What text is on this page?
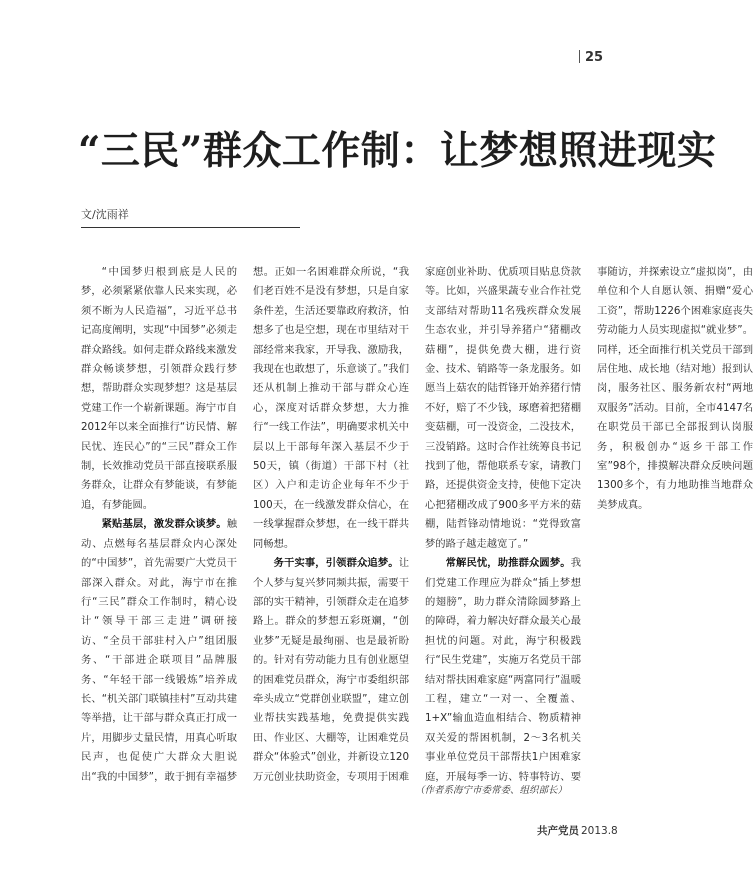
25
“三民”群众工作制：让梦想照进现实
文/沈雨祥

“中国梦归根到底是人民的梦，必须紧紧依靠人民来实现，必须不断为人民造福”，习近平总书记高度阐明，实现“中国梦”必须走群众路线。如何走群众路线来激发群众畅谈梦想，引领群众践行梦想，帮助群众实现梦想？这是基层党建工作一个崭新课题。海宁市自2012年以来全面推行“访民情、解民忧、连民心”的“三民”群众工作制，长效推动党员干部直接联系服务群众，让群众有梦能谈，有梦能追，有梦能圆。

紧贴基层，激发群众谈梦。触动、点燃每名基层群众内心深处的“中国梦”，首先需要广大党员干部深入群众。对此，海宁市在推行“三民”群众工作制时，精心设计“领导干部三走进”调研接访、“全员干部驻村入户”组团服务、“干部进企联项目”品牌服务、“年轻干部一线锻炼”培养成长、“机关部门联镇挂村”互动共建等举措，让干部与群众真正打成一片，用脚步丈量民情，用真心听取民声，也促使广大群众大胆说出“我的中国梦”，敢于拥有幸福梦想。正如一名困难群众所说，“我们老百姓不是没有梦想，只是自家条件差，生活还要靠政府救济，怕想多了也是空想，现在市里结对干部经常来我家，开导我、激励我，我现在也敢想了，乐意谈了。”我们还从机制上推动干部与群众心连心，深度对话群众梦想，大力推行“一线工作法”，明确要求机关中层以上干部每年深入基层不少于50天，镇（街道）干部下村（社区）入户和走访企业每年不少于100天，在一线激发群众信心，在一线掌握群众梦想，在一线干群共同畅想。

务干实事，引领群众追梦。让个人梦与复兴梦同频共振，需要干部的实干精神，引领群众走在追梦路上。群众的梦想五彩斑斓，“创业梦”无疑是最绚丽、也是最祈盼的。针对有劳动能力且有创业愿望的困难党员群众，海宁市委组织部牵头成立“党群创业联盟”，建立创业帮扶实践基地，免费提供实践田、作业区、大棚等，让困难党员群众“体验式”创业，并新设立120万元创业扶助资金，专项用于困难家庭创业补助、优质项目贴息贷款等。比如，兴盛果蔬专业合作社党支部结对帮助11名残疾群众发展生态农业，并引导养猪户“猪棚改菇棚”，提供免费大棚，进行资金、技术、销路等一条龙服务。如愿当上菇农的陆哲锋开始养猪行情不好，赔了不少钱，琢磨着把猪棚变菇棚，可一没资金，二没技术，三没销路。这时合作社统筹良书记找到了他，帮他联系专家，请教门路，还提供资金支持，使他下定决心把猪棚改成了900多平方米的菇棚，陆哲锋动情地说：“党得致富梦的路子越走越宽了。”

常解民忧，助推群众圆梦。我们党建工作理应为群众“插上梦想的翅膀”，助力群众清除圆梦路上的障碍，着力解决好群众最关心最担忧的问题。对此，海宁积极践行“民生党建”，实施万名党员干部结对帮扶困难家庭“两富同行”温暖工程，建立“一对一、全覆盖、1+X”输血造血相结合、物质精神双关爱的帮困机制，2～3名机关事业单位党员干部帮扶1户困难家庭，开展每季一访、特事特访、要事随访，并探索设立“虚拟岗”，由单位和个人自愿认领、捐赠“爱心工资”，帮助1226个困难家庭丧失劳动能力人员实现虚拟“就业梦”。同样，还全面推行机关党员干部到居住地、成长地（结对地）报到认岗，服务社区、服务新农村“两地双服务”活动。目前，全市4147名在职党员干部已全部报到认岗服务，积极创办“返乡干部工作室”98个，排摸解决群众反映问题1300多个，有力地助推当地群众美梦成真。

（作者系海宁市委常委、组织部长）
共产党员 2013.8
